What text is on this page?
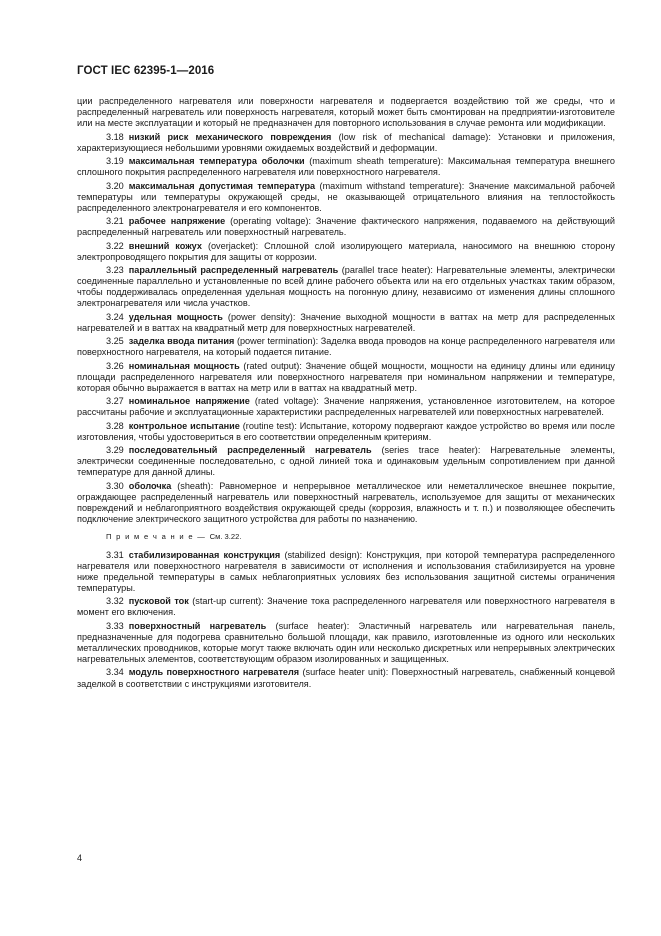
ГОСТ IEC 62395-1—2016

ции распределенного нагревателя или поверхности нагревателя и подвергается воздействию той же среды, что и распределенный нагреватель или поверхность нагревателя, который может быть смонтирован на предприятии-изготовителе или на месте эксплуатации и который не предназначен для повторного использования в случае ремонта или модификации.

3.18 низкий риск механического повреждения (low risk of mechanical damage): Установки и приложения, характеризующиеся небольшими уровнями ожидаемых воздействий и деформации.

3.19 максимальная температура оболочки (maximum sheath temperature): Максимальная температура внешнего сплошного покрытия распределенного нагревателя или поверхностного нагревателя.

3.20 максимальная допустимая температура (maximum withstand temperature): Значение максимальной рабочей температуры или температуры окружающей среды, не оказывающей отрицательного влияния на теплостойкость распределенного электронагревателя и его компонентов.

3.21 рабочее напряжение (operating voltage): Значение фактического напряжения, подаваемого на действующий распределенный нагреватель или поверхностный нагреватель.

3.22 внешний кожух (overjacket): Сплошной слой изолирующего материала, наносимого на внешнюю сторону электропроводящего покрытия для защиты от коррозии.

3.23 параллельный распределенный нагреватель (parallel trace heater): Нагревательные элементы, электрически соединенные параллельно и установленные по всей длине рабочего объекта или на его отдельных участках таким образом, чтобы поддерживалась определенная удельная мощность на погонную длину, независимо от изменения длины сплошного электронагревателя или числа участков.

3.24 удельная мощность (power density): Значение выходной мощности в ваттах на метр для распределенных нагревателей и в ваттах на квадратный метр для поверхностных нагревателей.

3.25 заделка ввода питания (power termination): Заделка ввода проводов на конце распределенного нагревателя или поверхностного нагревателя, на который подается питание.

3.26 номинальная мощность (rated output): Значение общей мощности, мощности на единицу длины или единицу площади распределенного нагревателя или поверхностного нагревателя при номинальном напряжении и температуре, которая обычно выражается в ваттах на метр или в ваттах на квадратный метр.

3.27 номинальное напряжение (rated voltage): Значение напряжения, установленное изготовителем, на которое рассчитаны рабочие и эксплуатационные характеристики распределенных нагревателей или поверхностных нагревателей.

3.28 контрольное испытание (routine test): Испытание, которому подвергают каждое устройство во время или после изготовления, чтобы удостовериться в его соответствии определенным критериям.

3.29 последовательный распределенный нагреватель (series trace heater): Нагревательные элементы, электрически соединенные последовательно, с одной линией тока и одинаковым удельным сопротивлением при данной температуре для данной длины.

3.30 оболочка (sheath): Равномерное и непрерывное металлическое или неметаллическое внешнее покрытие, ограждающее распределенный нагреватель или поверхностный нагреватель, используемое для защиты от механических повреждений и неблагоприятного воздействия окружающей среды (коррозия, влажность и т. п.) и позволяющее обеспечить подключение электрического защитного устройства для работы по назначению.

П р и м е ч а н и е — См. 3.22.

3.31 стабилизированная конструкция (stabilized design): Конструкция, при которой температура распределенного нагревателя или поверхностного нагревателя в зависимости от исполнения и использования стабилизируется на уровне ниже предельной температуры в самых неблагоприятных условиях без использования защитной системы ограничения температуры.

3.32 пусковой ток (start-up current): Значение тока распределенного нагревателя или поверхностного нагревателя в момент его включения.

3.33 поверхностный нагреватель (surface heater): Эластичный нагреватель или нагревательная панель, предназначенные для подогрева сравнительно большой площади, как правило, изготовленные из одного или нескольких металлических проводников, которые могут также включать один или несколько дискретных или непрерывных электрических нагревательных элементов, соответствующим образом изолированных и защищенных.

3.34 модуль поверхностного нагревателя (surface heater unit): Поверхностный нагреватель, снабженный концевой заделкой в соответствии с инструкциями изготовителя.

4
